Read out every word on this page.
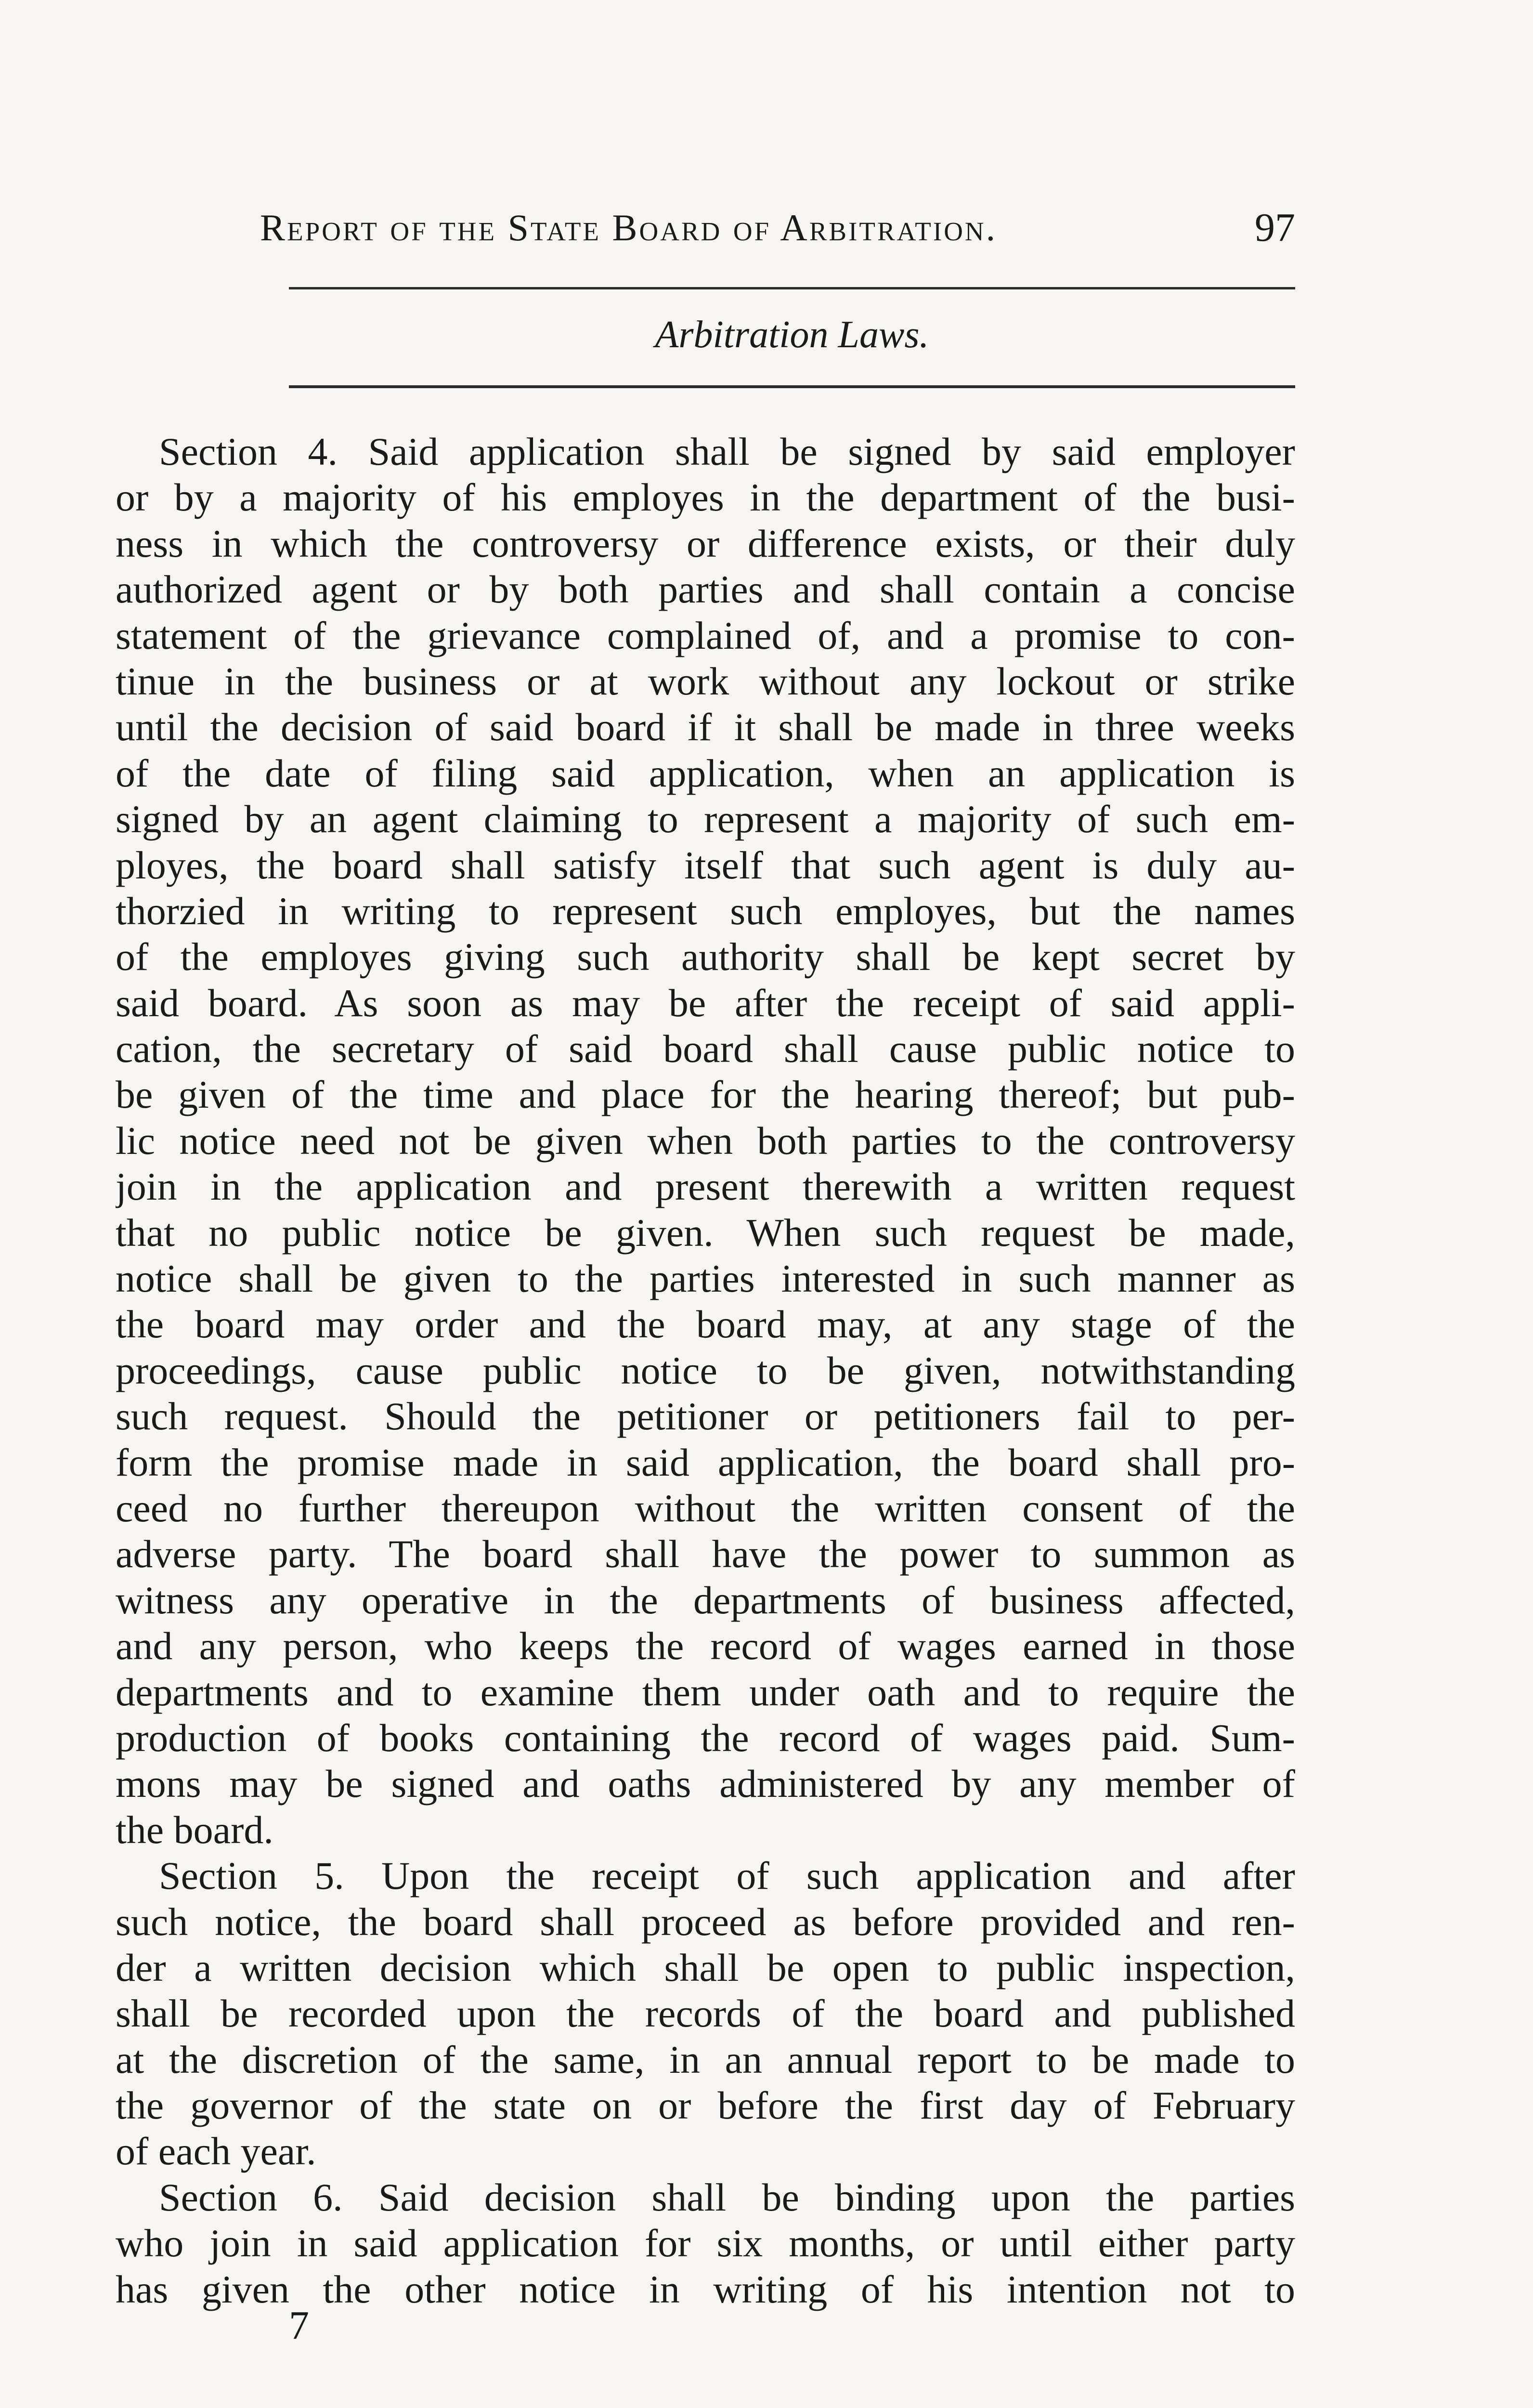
Report of the State Board of Arbitration.	97
Arbitration Laws.
Section 4. Said application shall be signed by said employer
or by a majority of his employes in the department of the busi-
ness in which the controversy or difference exists, or their duly
authorized agent or by both parties and shall contain a concise
statement of the grievance complained of, and a promise to con-
tinue in the business or at work without any lockout or strike
until the decision of said board if it shall be made in three weeks
of the date of filing said application, when an application is
signed by an agent claiming to represent a majority of such em-
ployes, the board shall satisfy itself that such agent is duly au-
thorzied in writing to represent such employes, but the names
of the employes giving such authority shall be kept secret by
said board. As soon as may be after the receipt of said appli-
cation, the secretary of said board shall cause public notice to
be given of the time and place for the hearing thereof; but pub-
lic notice need not be given when both parties to the controversy
join in the application and present therewith a written request
that no public notice be given. When such request be made,
notice shall be given to the parties interested in such manner as
the board may order and the board may, at any stage of the
proceedings, cause public notice to be given, notwithstanding
such request. Should the petitioner or petitioners fail to per-
form the promise made in said application, the board shall pro-
ceed no further thereupon without the written consent of the
adverse party. The board shall have the power to summon as
witness any operative in the departments of business affected,
and any person, who keeps the record of wages earned in those
departments and to examine them under oath and to require the
production of books containing the record of wages paid. Sum-
mons may be signed and oaths administered by any member of
the board.
Section 5. Upon the receipt of such application and after
such notice, the board shall proceed as before provided and ren-
der a written decision which shall be open to public inspection,
shall be recorded upon the records of the board and published
at the discretion of the same, in an annual report to be made to
the governor of the state on or before the first day of February
of each year.
Section 6. Said decision shall be binding upon the parties
who join in said application for six months, or until either party
has given the other notice in writing of his intention not to
7
